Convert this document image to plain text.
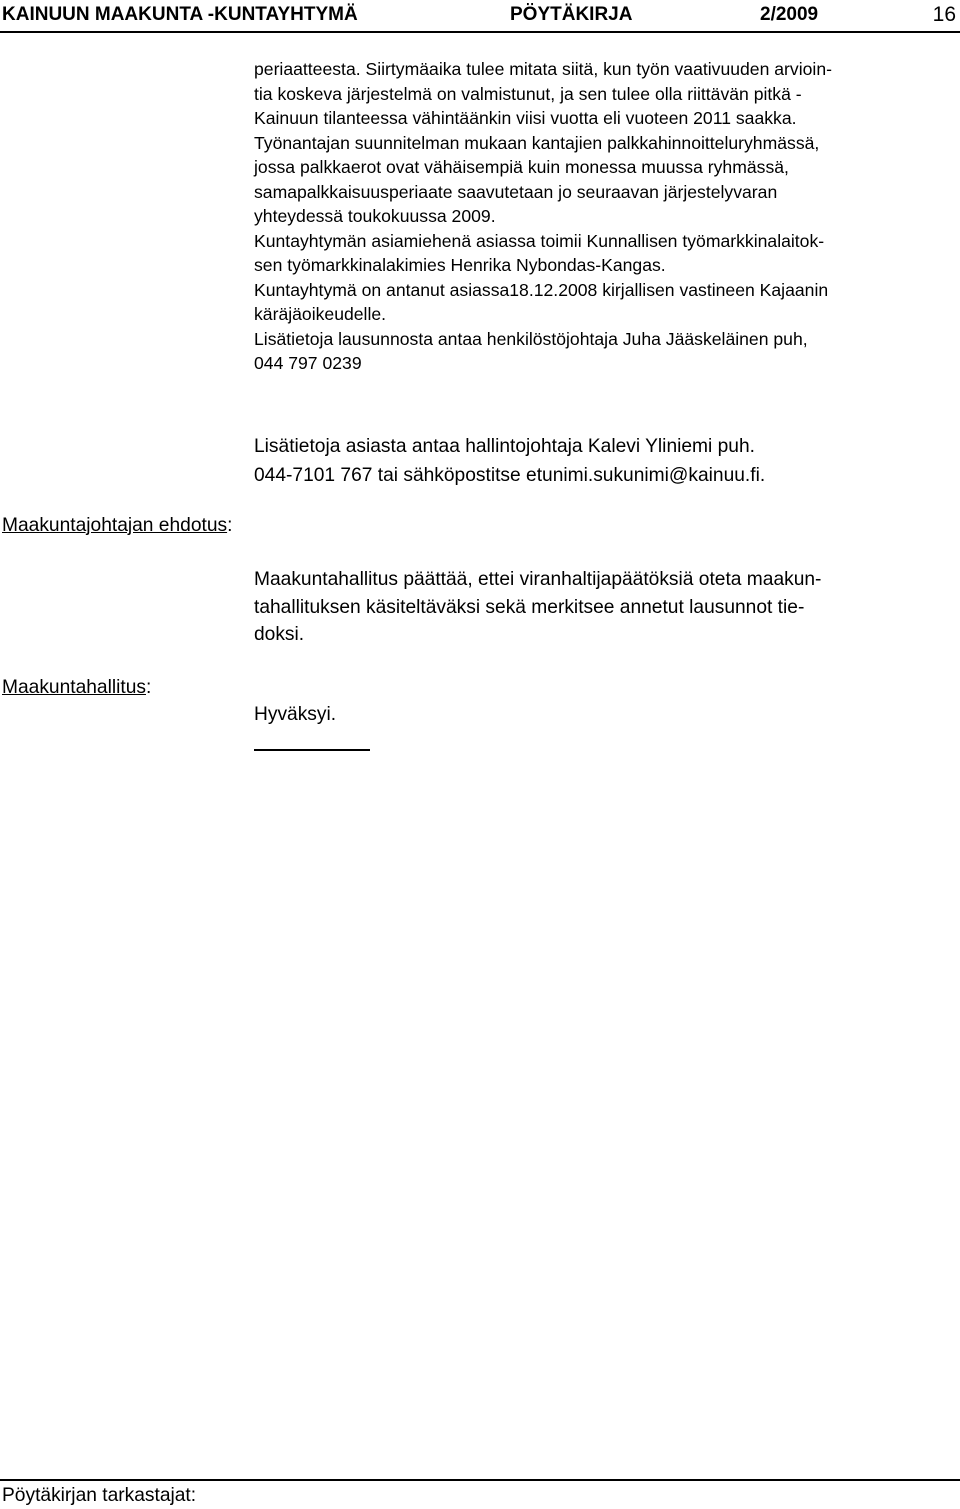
KAINUUN MAAKUNTA -KUNTAYHTYMÄ	PÖYTÄKIRJA	2/2009	16

periaatteesta. Siirtymäaika tulee mitata siitä, kun työn vaativuuden arvioin-

tia koskeva järjestelmä on valmistunut, ja sen tulee olla riittävän pitkä -

Kainuun tilanteessa vähintäänkin viisi vuotta eli vuoteen 2011 saakka.

Työnantajan suunnitelman mukaan kantajien palkkahinnoitteluryhmässä,

jossa palkkaerot ovat vähäisempiä kuin monessa muussa ryhmässä,

samapalkkaisuusperiaate saavutetaan jo seuraavan järjestelyvaran

yhteydessä toukokuussa 2009.

Kuntayhtymän asiamiehenä asiassa toimii Kunnallisen työmarkkinalaitok-

sen työmarkkinalakimies Henrika Nybondas-Kangas.

Kuntayhtymä on antanut asiassa18.12.2008 kirjallisen vastineen Kajaanin

käräjäoikeudelle.

Lisätietoja lausunnosta antaa henkilöstöjohtaja Juha Jääskeläinen puh,

044 797 0239

Lisätietoja asiasta antaa hallintojohtaja Kalevi Yliniemi puh.

044-7101 767 tai sähköpostitse etunimi.sukunimi@kainuu.fi.

Maakuntajohtajan ehdotus:

Maakuntahallitus päättää, ettei viranhaltijapäätöksiä oteta maakun-

tahallituksen käsiteltäväksi sekä merkitsee annetut lausunnot tie-

doksi.

Maakuntahallitus:
Hyväksyi.
Pöytäkirjan tarkastajat:
